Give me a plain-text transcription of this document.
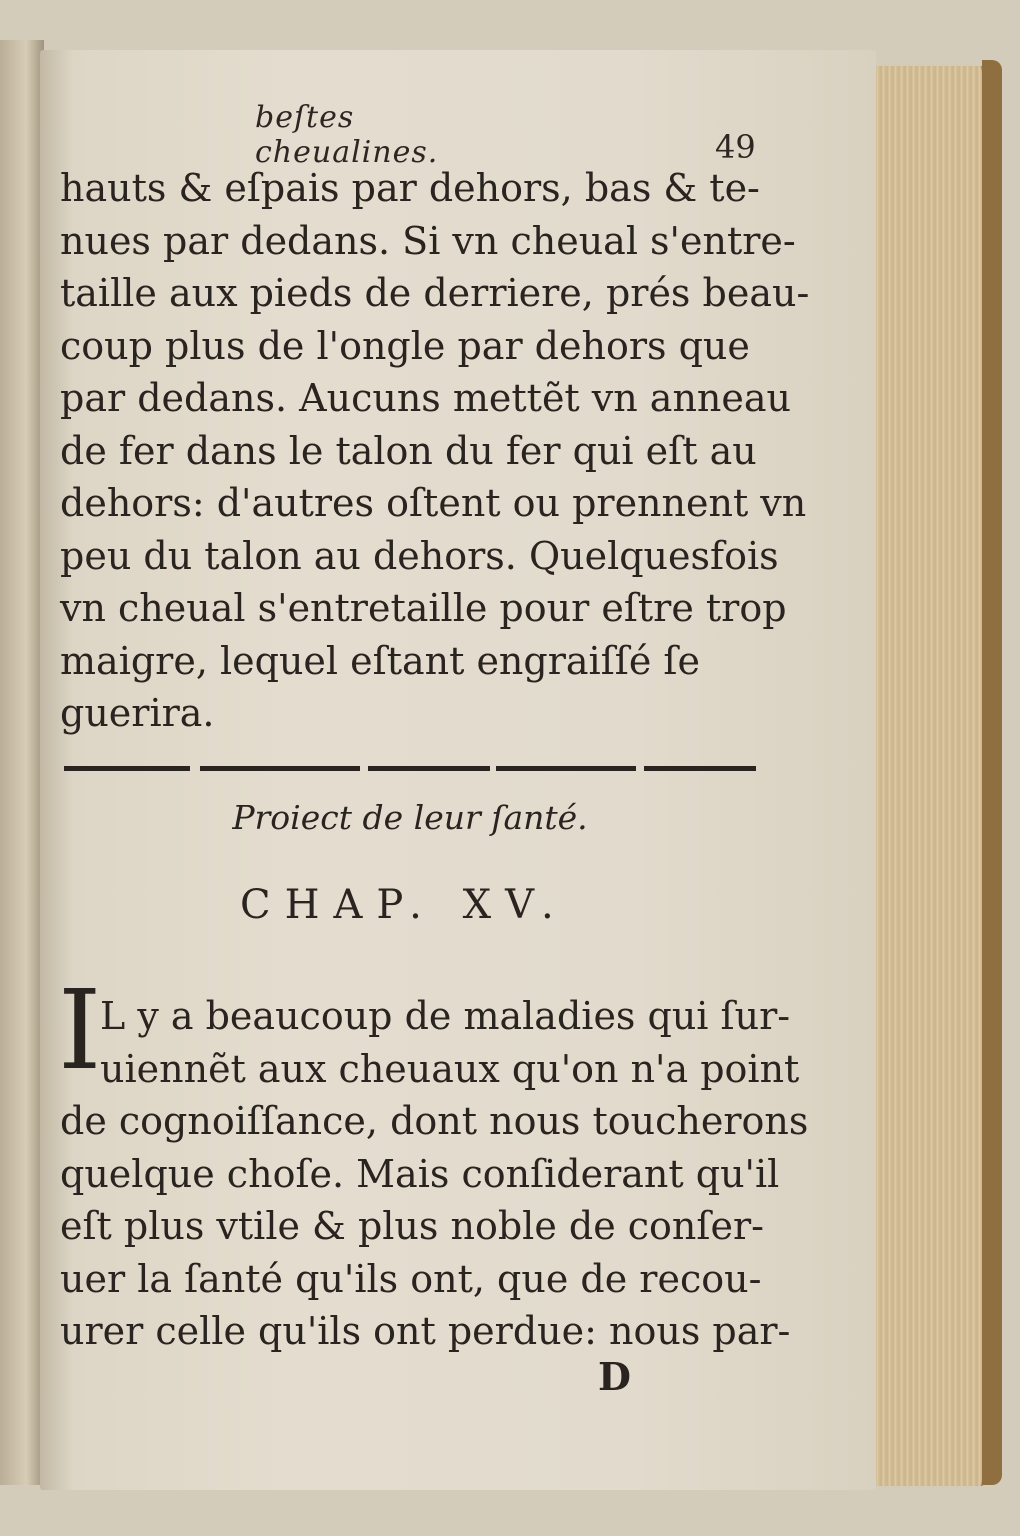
beſtes cheualines.	49
hauts & eſpais par dehors, bas & te-
nues par dedans. Si vn cheual s'entre-
taille aux pieds de derriere, prés beau-
coup plus de l'ongle par dehors que
par dedans. Aucuns mettẽt vn anneau
de fer dans le talon du fer qui eſt au
dehors: d'autres oſtent ou prennent vn
peu du talon au dehors. Quelquesfois
vn cheual s'entretaille pour eſtre trop
maigre, lequel eſtant engraiſſé ſe
guerira.
Proiect de leur ſanté.
CHAP. XV.
I
L y a beaucoup de maladies qui ſur-
uiennẽt aux cheuaux qu'on n'a point
de cognoiſſance, dont nous toucherons
quelque choſe. Mais conſiderant qu'il
eſt plus vtile & plus noble de conſer-
uer la ſanté qu'ils ont, que de recou-
urer celle qu'ils ont perdue: nous par-
D
